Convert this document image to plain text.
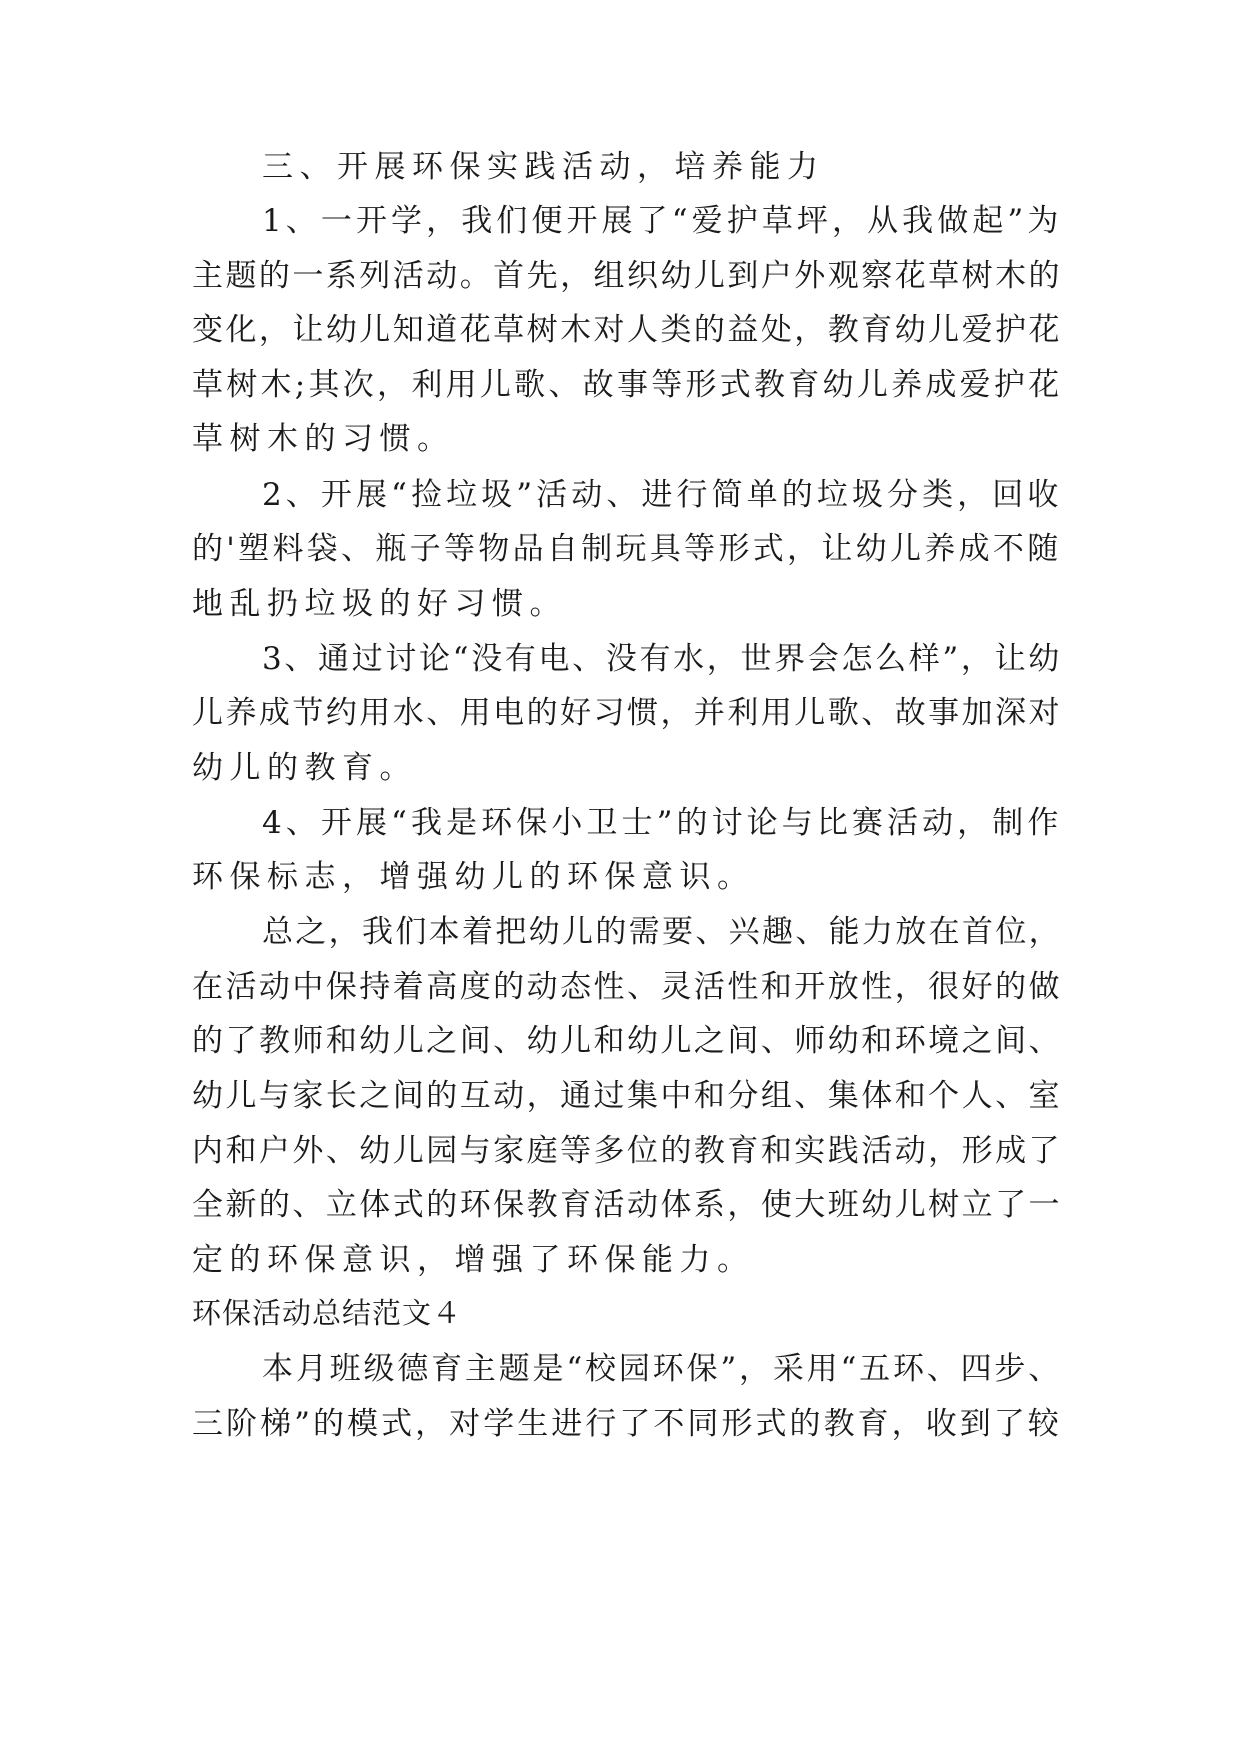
三、开展环保实践活动，培养能力
1、一开学，我们便开展了“爱护草坪，从我做起”为
主题的一系列活动。首先，组织幼儿到户外观察花草树木的
变化，让幼儿知道花草树木对人类的益处，教育幼儿爱护花
草树木;其次，利用儿歌、故事等形式教育幼儿养成爱护花
草树木的习惯。
2、开展“捡垃圾”活动、进行简单的垃圾分类，回收
的'塑料袋、瓶子等物品自制玩具等形式，让幼儿养成不随
地乱扔垃圾的好习惯。
3、通过讨论“没有电、没有水，世界会怎么样”，让幼
儿养成节约用水、用电的好习惯，并利用儿歌、故事加深对
幼儿的教育。
4、开展“我是环保小卫士”的讨论与比赛活动，制作
环保标志，增强幼儿的环保意识。
总之，我们本着把幼儿的需要、兴趣、能力放在首位，
在活动中保持着高度的动态性、灵活性和开放性，很好的做
的了教师和幼儿之间、幼儿和幼儿之间、师幼和环境之间、
幼儿与家长之间的互动，通过集中和分组、集体和个人、室
内和户外、幼儿园与家庭等多位的教育和实践活动，形成了
全新的、立体式的环保教育活动体系，使大班幼儿树立了一
定的环保意识，增强了环保能力。
环保活动总结范文４
本月班级德育主题是“校园环保”，采用“五环、四步、
三阶梯”的模式，对学生进行了不同形式的教育，收到了较
